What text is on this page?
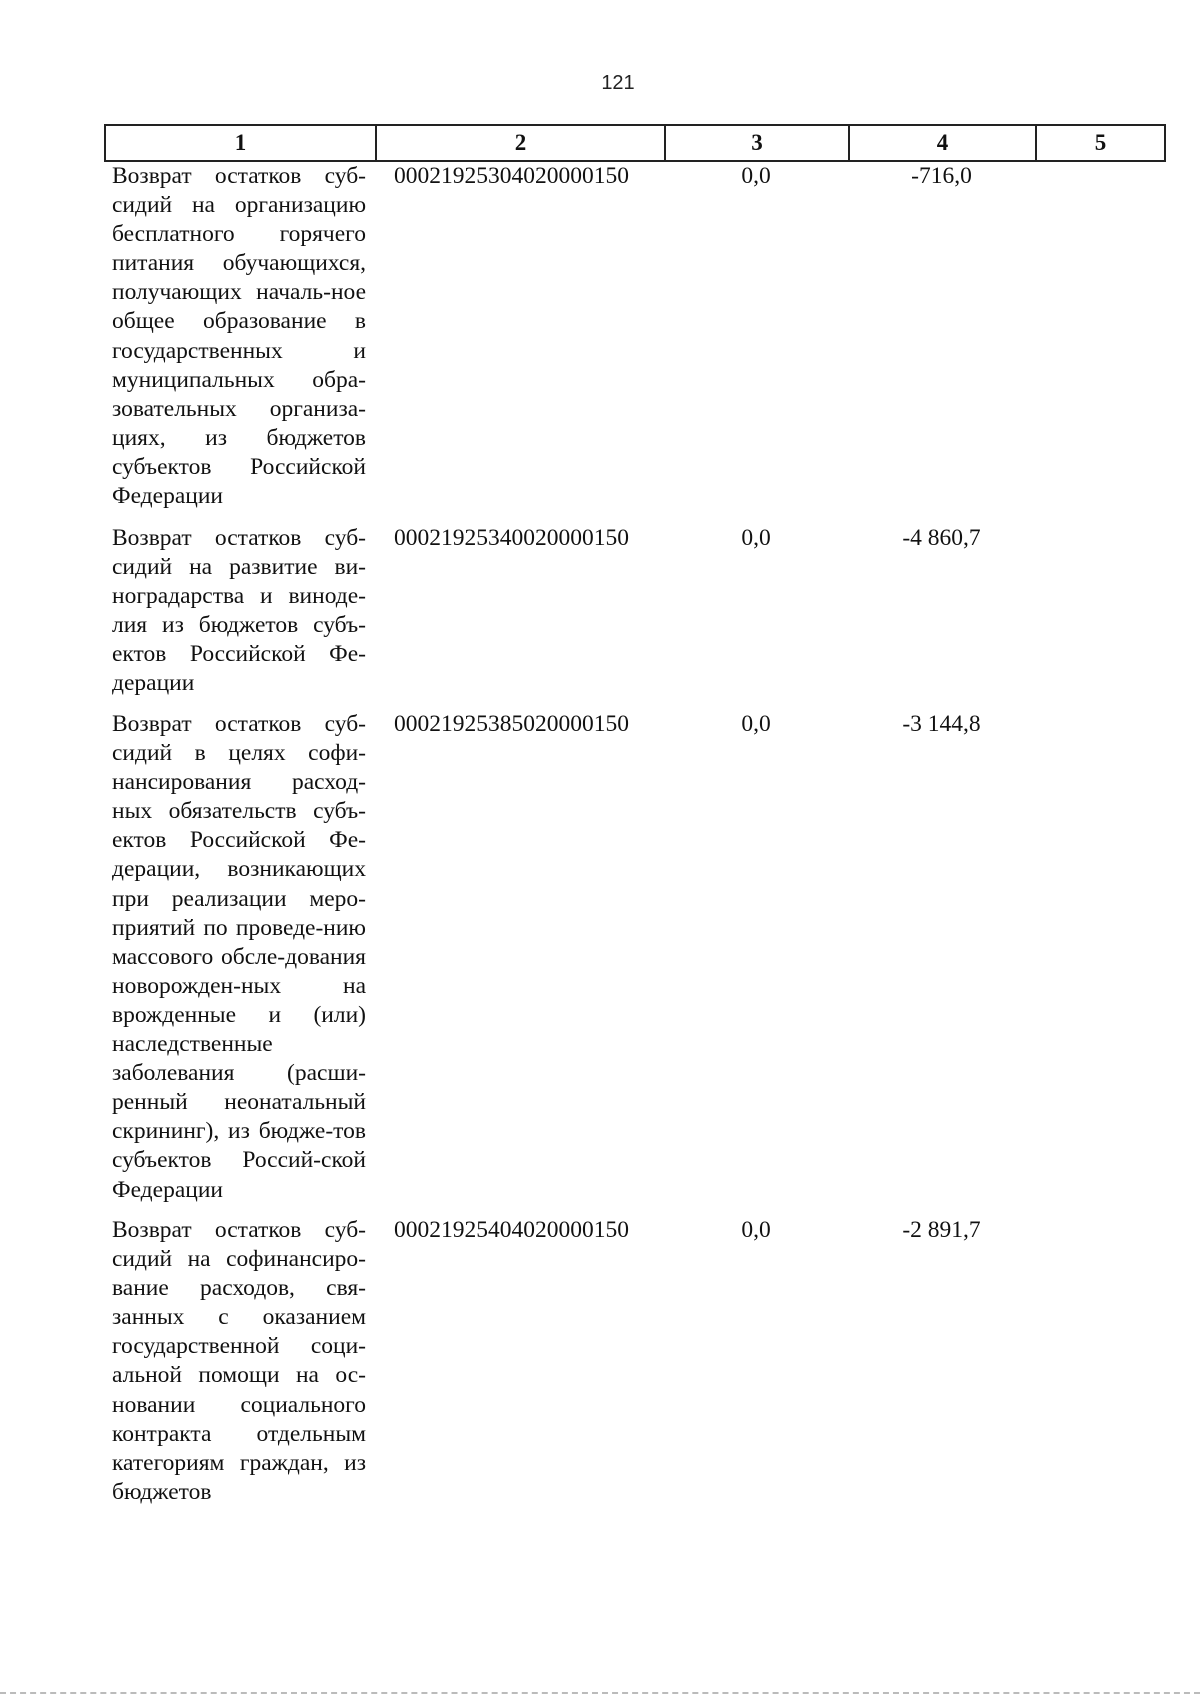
121
1	2	3	4	5
Возврат остатков суб-сидий на организацию бесплатного горячего питания обучающихся, получающих началь-ное общее образование в государственных и муниципальных обра-зовательных организа-циях, из бюджетов субъектов Российской Федерации
00021925304020000150	0,0	-716,0
Возврат остатков суб-сидий на развитие ви-ноградарства и виноде-лия из бюджетов субъ-ектов Российской Фе-дерации
00021925340020000150	0,0	-4 860,7
Возврат остатков суб-сидий в целях софи-нансирования расход-ных обязательств субъ-ектов Российской Фе-дерации, возникающих при реализации меро-приятий по проведе-нию массового обсле-дования новорожден-ных на врожденные и (или) наследственные заболевания (расши-ренный неонатальный скрининг), из бюдже-тов субъектов Россий-ской Федерации
00021925385020000150	0,0	-3 144,8
Возврат остатков суб-сидий на софинансиро-вание расходов, свя-занных с оказанием государственной соци-альной помощи на ос-новании социального контракта отдельным категориям граждан, из бюджетов
00021925404020000150	0,0	-2 891,7
